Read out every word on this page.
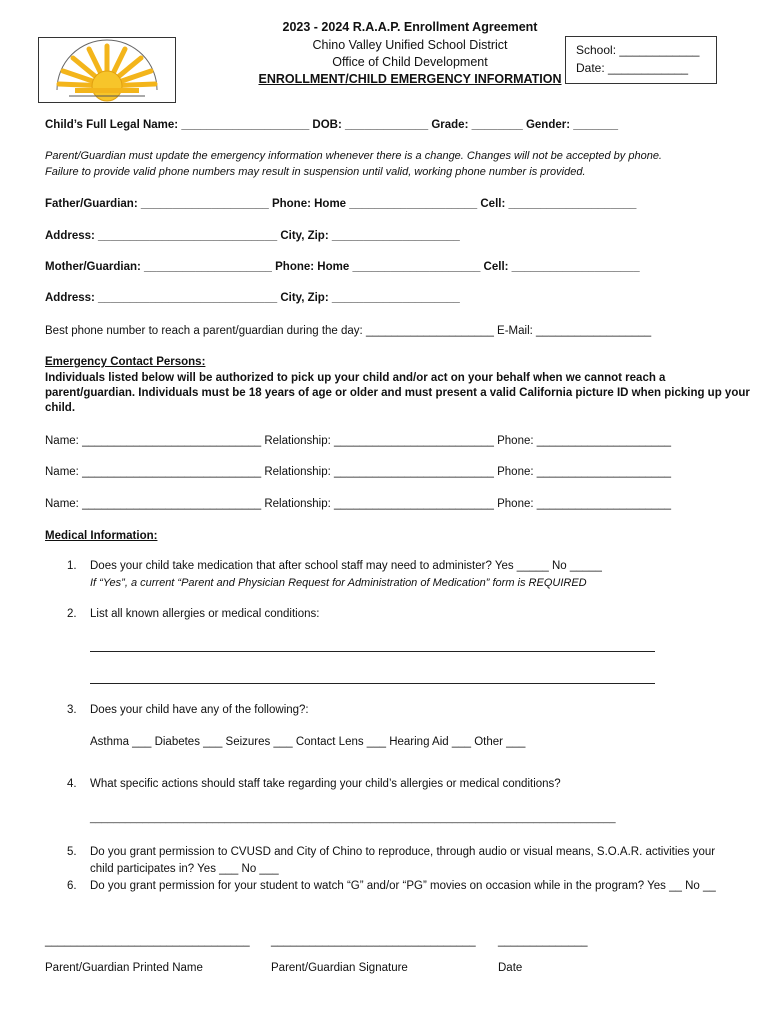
2023 - 2024 R.A.A.P. Enrollment Agreement
Chino Valley Unified School District
Office of Child Development
ENROLLMENT/CHILD EMERGENCY INFORMATION
School: ____________
Date: ____________
Child’s Full Legal Name: ____________________ DOB: _____________ Grade: ________ Gender: _______
Parent/Guardian must update the emergency information whenever there is a change. Changes will not be accepted by phone.
Failure to provide valid phone numbers may result in suspension until valid, working phone number is provided.
Father/Guardian: ____________________ Phone: Home ____________________ Cell: ____________________
Address: ____________________________ City, Zip: ____________________
Mother/Guardian: ____________________ Phone: Home ____________________ Cell: ____________________
Address: ____________________________ City, Zip: ____________________
Best phone number to reach a parent/guardian during the day: ____________________ E-Mail: __________________
Emergency Contact Persons:
Individuals listed below will be authorized to pick up your child and/or act on your behalf when we cannot reach a
parent/guardian. Individuals must be 18 years of age or older and must present a valid California picture ID when picking up your
child.
Name: ____________________________ Relationship: _________________________ Phone: _____________________
Name: ____________________________ Relationship: _________________________ Phone: _____________________
Name: ____________________________ Relationship: _________________________ Phone: _____________________
Medical Information:
1. Does your child take medication that after school staff may need to administer? Yes _____ No _____
If “Yes”, a current “Parent and Physician Request for Administration of Medication” form is REQUIRED
2. List all known allergies or medical conditions:
3. Does your child have any of the following?:
Asthma ___ Diabetes ___ Seizures ___ Contact Lens ___ Hearing Aid ___ Other ___
4. What specific actions should staff take regarding your child’s allergies or medical conditions?
__________________________________________________________________________________________
5. Do you grant permission to CVUSD and City of Chino to reproduce, through audio or visual means, S.O.A.R. activities your
child participates in? Yes ___ No ___
6. Do you grant permission for your student to watch “G” and/or “PG” movies on occasion while in the program? Yes __ No __
________________________________ ________________________________ ______________
Parent/Guardian Printed Name	Parent/Guardian Signature	Date
